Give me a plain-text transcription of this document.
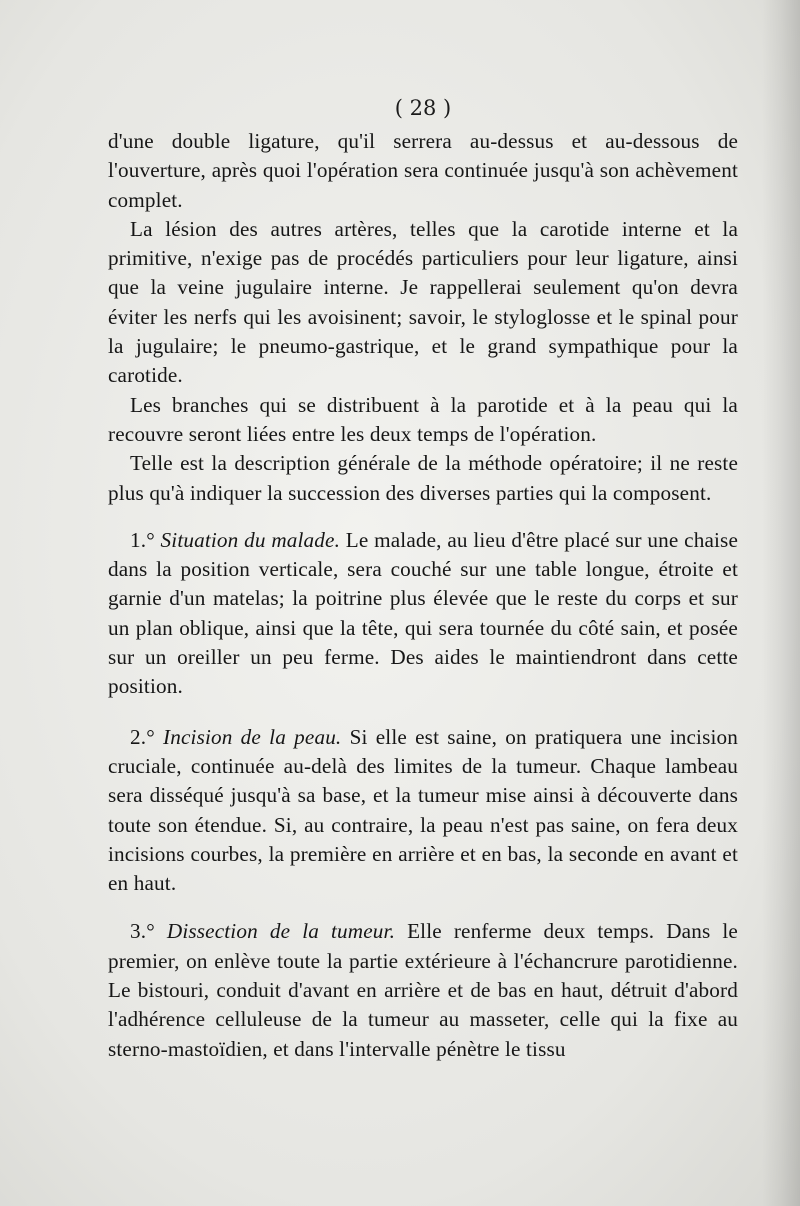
( 28 )

d'une double ligature, qu'il serrera au-dessus et au-dessous de l'ouverture, après quoi l'opération sera continuée jusqu'à son achèvement complet.

La lésion des autres artères, telles que la carotide interne et la primitive, n'exige pas de procédés particuliers pour leur ligature, ainsi que la veine jugulaire interne. Je rappellerai seulement qu'on devra éviter les nerfs qui les avoisinent; savoir, le styloglosse et le spinal pour la jugulaire; le pneumo-gastrique, et le grand sympathique pour la carotide.

Les branches qui se distribuent à la parotide et à la peau qui la recouvre seront liées entre les deux temps de l'opération.

Telle est la description générale de la méthode opératoire; il ne reste plus qu'à indiquer la succession des diverses parties qui la composent.

1.° Situation du malade. Le malade, au lieu d'être placé sur une chaise dans la position verticale, sera couché sur une table longue, étroite et garnie d'un matelas; la poitrine plus élevée que le reste du corps et sur un plan oblique, ainsi que la tête, qui sera tournée du côté sain, et posée sur un oreiller un peu ferme. Des aides le maintiendront dans cette position.

2.° Incision de la peau. Si elle est saine, on pratiquera une incision cruciale, continuée au-delà des limites de la tumeur. Chaque lambeau sera disséqué jusqu'à sa base, et la tumeur mise ainsi à découverte dans toute son étendue. Si, au contraire, la peau n'est pas saine, on fera deux incisions courbes, la première en arrière et en bas, la seconde en avant et en haut.

3.° Dissection de la tumeur. Elle renferme deux temps. Dans le premier, on enlève toute la partie extérieure à l'échancrure parotidienne. Le bistouri, conduit d'avant en arrière et de bas en haut, détruit d'abord l'adhérence celluleuse de la tumeur au masseter, celle qui la fixe au sterno-mastoïdien, et dans l'intervalle pénètre le tissu
